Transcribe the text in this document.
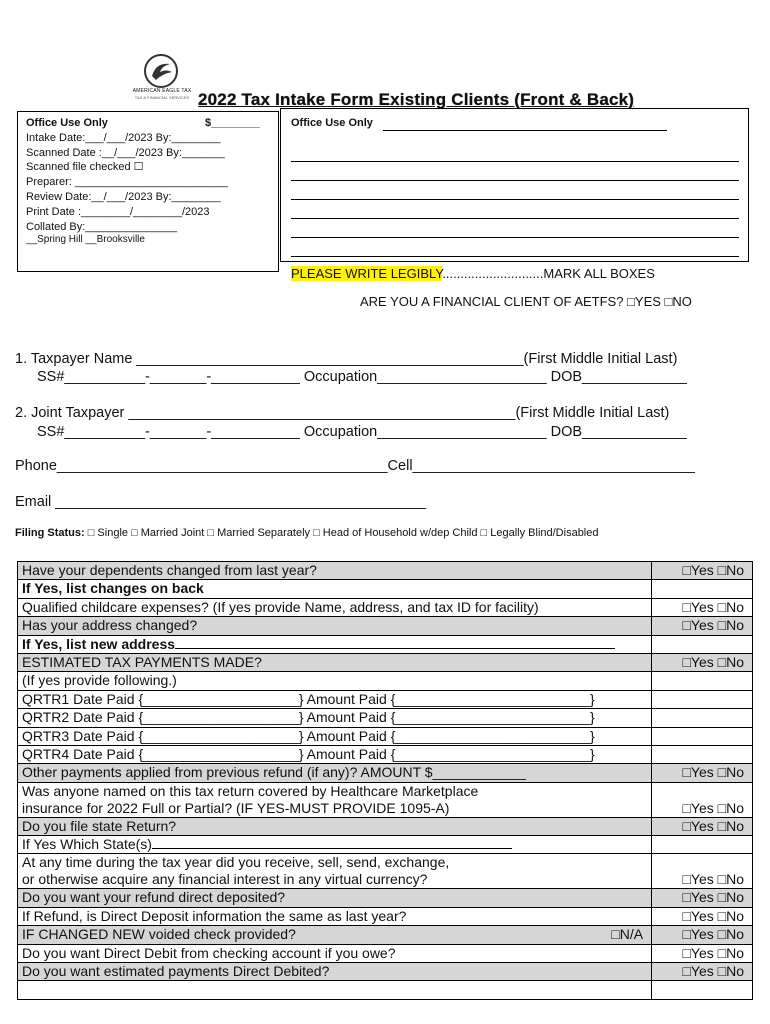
AMERICAN EAGLE TAX
TAX & FINANCIAL SERVICES 2022 Tax Intake Form Existing Clients (Front & Back)
Office Use Only	$________
Intake Date:___/___/2023 By:________
Scanned Date :__/___/2023 By:_______
Scanned file checked ☐
Preparer: _________________________
Review Date:__/___/2023 By:________
Print Date :________/________/2023
Collated By:_______________
__Spring Hill __Brooksville
Office Use Only
PLEASE WRITE LEGIBLY............................MARK ALL BOXES
ARE YOU A FINANCIAL CLIENT OF AETFS? □YES □NO
1. Taxpayer Name ________________________________________________(First Middle Initial Last)
SS#__________-_______-___________ Occupation_____________________ DOB_____________
2. Joint Taxpayer ________________________________________________(First Middle Initial Last)
SS#__________-_______-___________ Occupation_____________________ DOB_____________
Phone_________________________________________Cell___________________________________
Email ______________________________________________
Filing Status: □ Single □ Married Joint □ Married Separately □ Head of Household w/dep Child □ Legally Blind/Disabled
Have your dependents changed from last year?	□Yes □No
If Yes, list changes on back	
Qualified childcare expenses? (If yes provide Name, address, and tax ID for facility)	□Yes □No
Has your address changed?	□Yes □No
If Yes, list new address	
ESTIMATED TAX PAYMENTS MADE?	□Yes □No
(If yes provide following.)	
QRTR1 Date Paid {____________________} Amount Paid {_________________________}	
QRTR2 Date Paid {____________________} Amount Paid {_________________________}	
QRTR3 Date Paid {____________________} Amount Paid {_________________________}	
QRTR4 Date Paid {____________________} Amount Paid {_________________________}	
Other payments applied from previous refund (if any)? AMOUNT $____________	□Yes □No

Was anyone named on this tax return covered by Healthcare Marketplace
insurance for 2022 Full or Partial? (IF YES-MUST PROVIDE 1095-A)	□Yes □No
Do you file state Return?	□Yes □No
If Yes Which State(s)	

At any time during the tax year did you receive, sell, send, exchange,
or otherwise acquire any financial interest in any virtual currency?	□Yes □No
Do you want your refund direct deposited?	□Yes □No
If Refund, is Direct Deposit information the same as last year?	□Yes □No
IF CHANGED NEW voided check provided? □N/A	□Yes □No
Do you want Direct Debit from checking account if you owe?	□Yes □No
Do you want estimated payments Direct Debited?	□Yes □No
